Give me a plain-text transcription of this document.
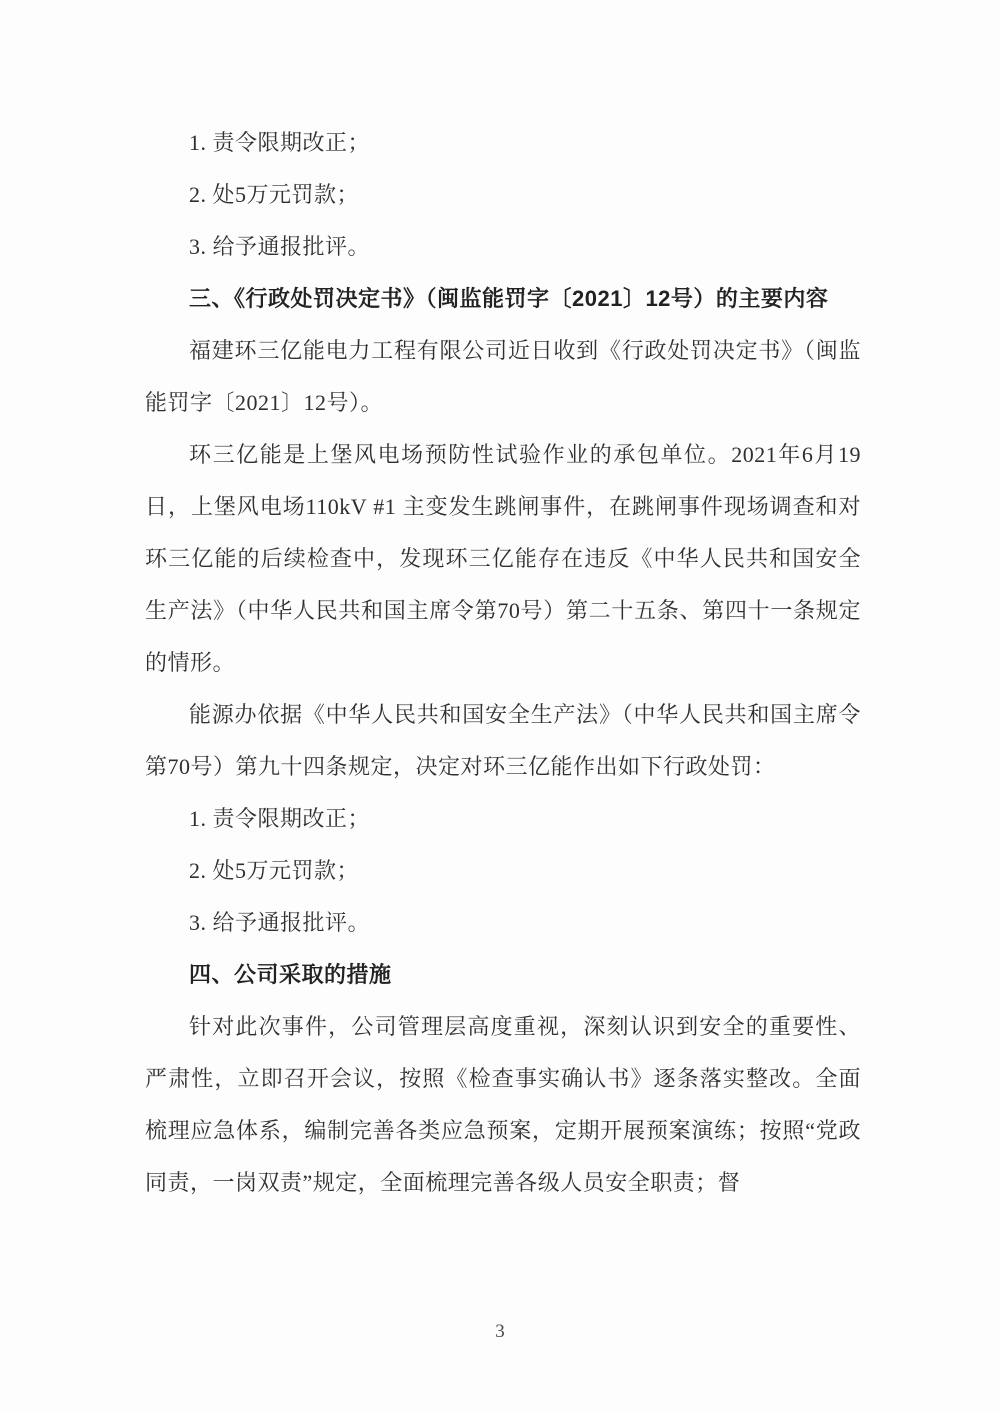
1. 责令限期改正；

2. 处5万元罚款；

3. 给予通报批评。

三、《行政处罚决定书》（闽监能罚字〔2021〕12号）的主要内容

福建环三亿能电力工程有限公司近日收到《行政处罚决定书》（闽监能罚字〔2021〕12号）。

环三亿能是上堡风电场预防性试验作业的承包单位。2021年6月19日，上堡风电场110kV #1 主变发生跳闸事件，在跳闸事件现场调查和对环三亿能的后续检查中，发现环三亿能存在违反《中华人民共和国安全生产法》（中华人民共和国主席令第70号）第二十五条、第四十一条规定的情形。

能源办依据《中华人民共和国安全生产法》（中华人民共和国主席令第70号）第九十四条规定，决定对环三亿能作出如下行政处罚：

1. 责令限期改正；

2. 处5万元罚款；

3. 给予通报批评。

四、公司采取的措施

针对此次事件，公司管理层高度重视，深刻认识到安全的重要性、严肃性，立即召开会议，按照《检查事实确认书》逐条落实整改。全面梳理应急体系，编制完善各类应急预案，定期开展预案演练；按照“党政同责，一岗双责”规定，全面梳理完善各级人员安全职责；督

3
